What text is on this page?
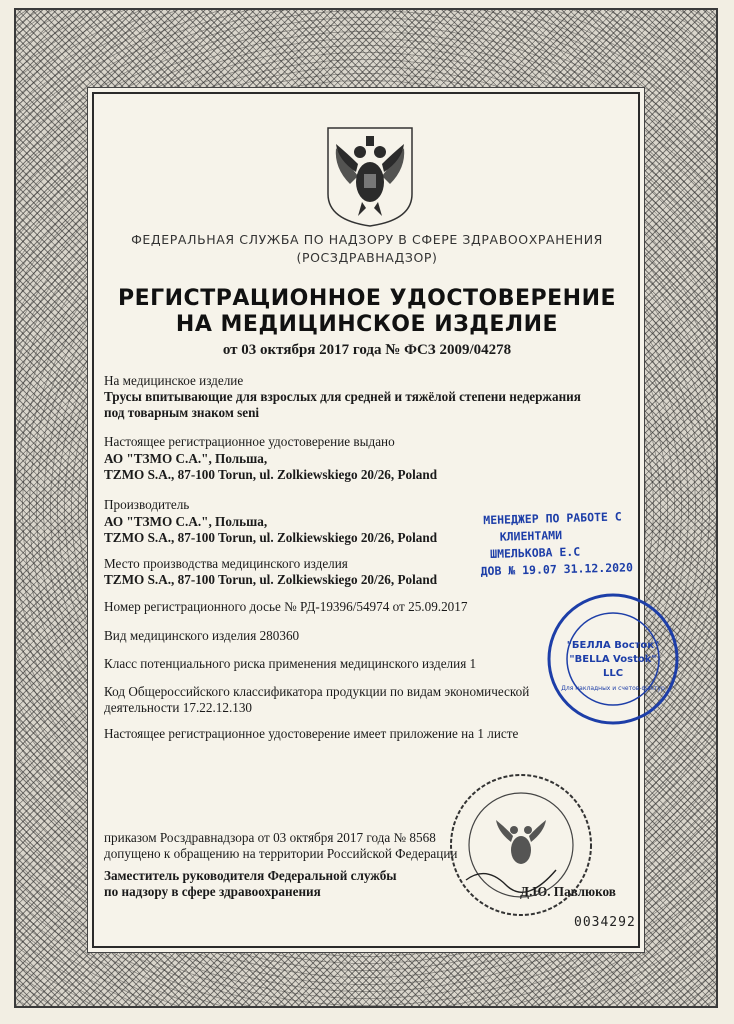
ФЕДЕРАЛЬНАЯ СЛУЖБА ПО НАДЗОРУ В СФЕРЕ ЗДРАВООХРАНЕНИЯ
(РОСЗДРАВНАДЗОР)
РЕГИСТРАЦИОННОЕ УДОСТОВЕРЕНИЕ
НА МЕДИЦИНСКОЕ ИЗДЕЛИЕ
от 03 октября 2017 года № ФСЗ 2009/04278
На медицинское изделие
Трусы впитывающие для взрослых для средней и тяжёлой степени недержания
под товарным знаком seni
Настоящее регистрационное удостоверение выдано
АО "ТЗМО С.А.", Польша,
TZMO S.A., 87-100 Torun, ul. Zolkiewskiego 20/26, Poland
Производитель
АО "ТЗМО С.А.", Польша,
TZMO S.A., 87-100 Torun, ul. Zolkiewskiego 20/26, Poland
Место производства медицинского изделия
TZMO S.A., 87-100 Torun, ul. Zolkiewskiego 20/26, Poland
Номер регистрационного досье № РД-19396/54974 от 25.09.2017
Вид медицинского изделия 280360
Класс потенциального риска применения медицинского изделия 1
Код Общероссийского классификатора продукции по видам экономической
деятельности 17.22.12.130
Настоящее регистрационное удостоверение имеет приложение на 1 листе
приказом Росздравнадзора от 03 октября 2017 года № 8568
допущено к обращению на территории Российской Федерации
Заместитель руководителя Федеральной службы
по надзору в сфере здравоохранения	Д.Ю. Павлюков
0034292
МЕНЕДЖЕР ПО РАБОТЕ С
КЛИЕНТАМИ
ШМЕЛЬКОВА Е.С
ДОВ № 19.07 31.12.2020
"БЕЛЛА Восток"
"BELLA Vostok"
LLC
Для накладных и счетов-фактур
